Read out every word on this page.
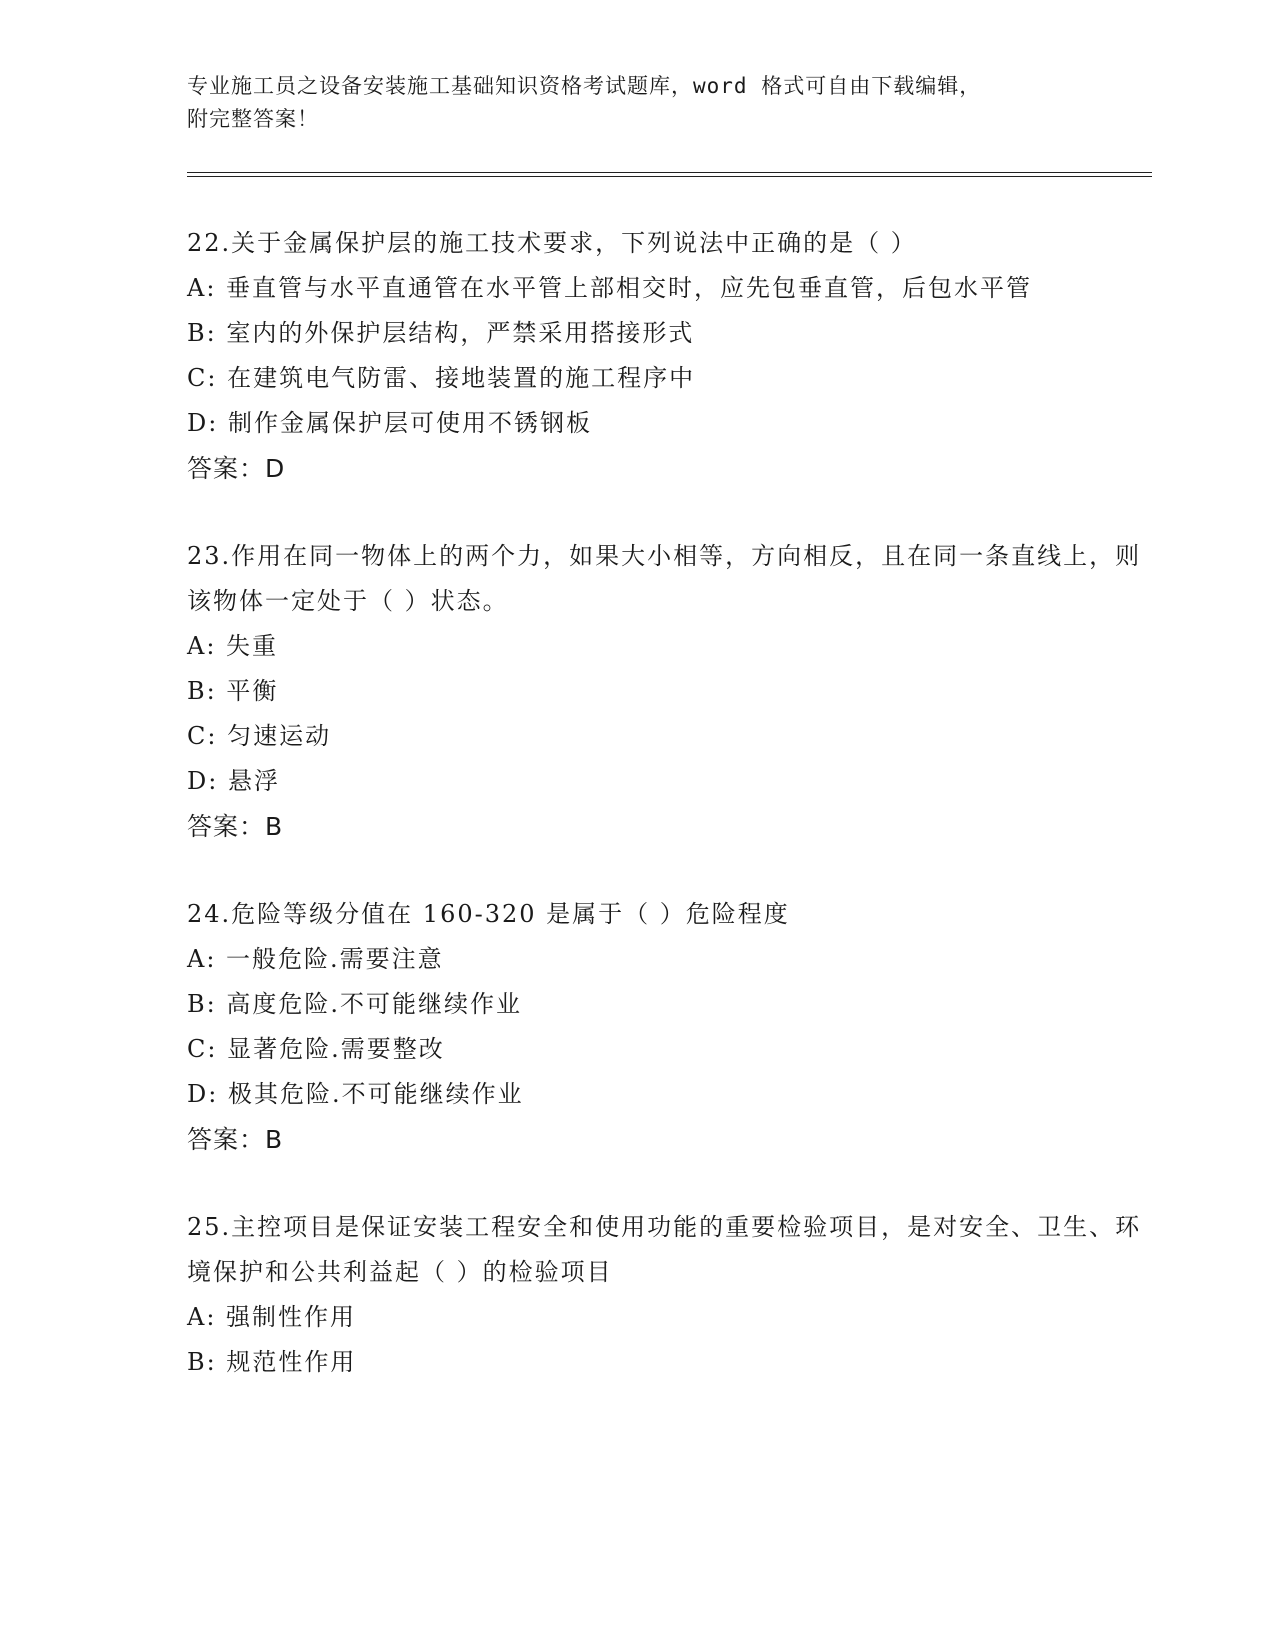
专业施工员之设备安装施工基础知识资格考试题库，word 格式可自由下载编辑，

附完整答案！

22.关于金属保护层的施工技术要求，下列说法中正确的是（ ）

A: 垂直管与水平直通管在水平管上部相交时，应先包垂直管，后包水平管

B: 室内的外保护层结构，严禁采用搭接形式

C: 在建筑电气防雷、接地装置的施工程序中

D: 制作金属保护层可使用不锈钢板

答案：D

23.作用在同一物体上的两个力，如果大小相等，方向相反，且在同一条直线上，则该物体一定处于（ ）状态。

A: 失重

B: 平衡

C: 匀速运动

D: 悬浮

答案：B

24.危险等级分值在 160-320 是属于（ ）危险程度

A: 一般危险.需要注意

B: 高度危险.不可能继续作业

C: 显著危险.需要整改

D: 极其危险.不可能继续作业

答案：B

25.主控项目是保证安装工程安全和使用功能的重要检验项目，是对安全、卫生、环境保护和公共利益起（ ）的检验项目

A: 强制性作用

B: 规范性作用
